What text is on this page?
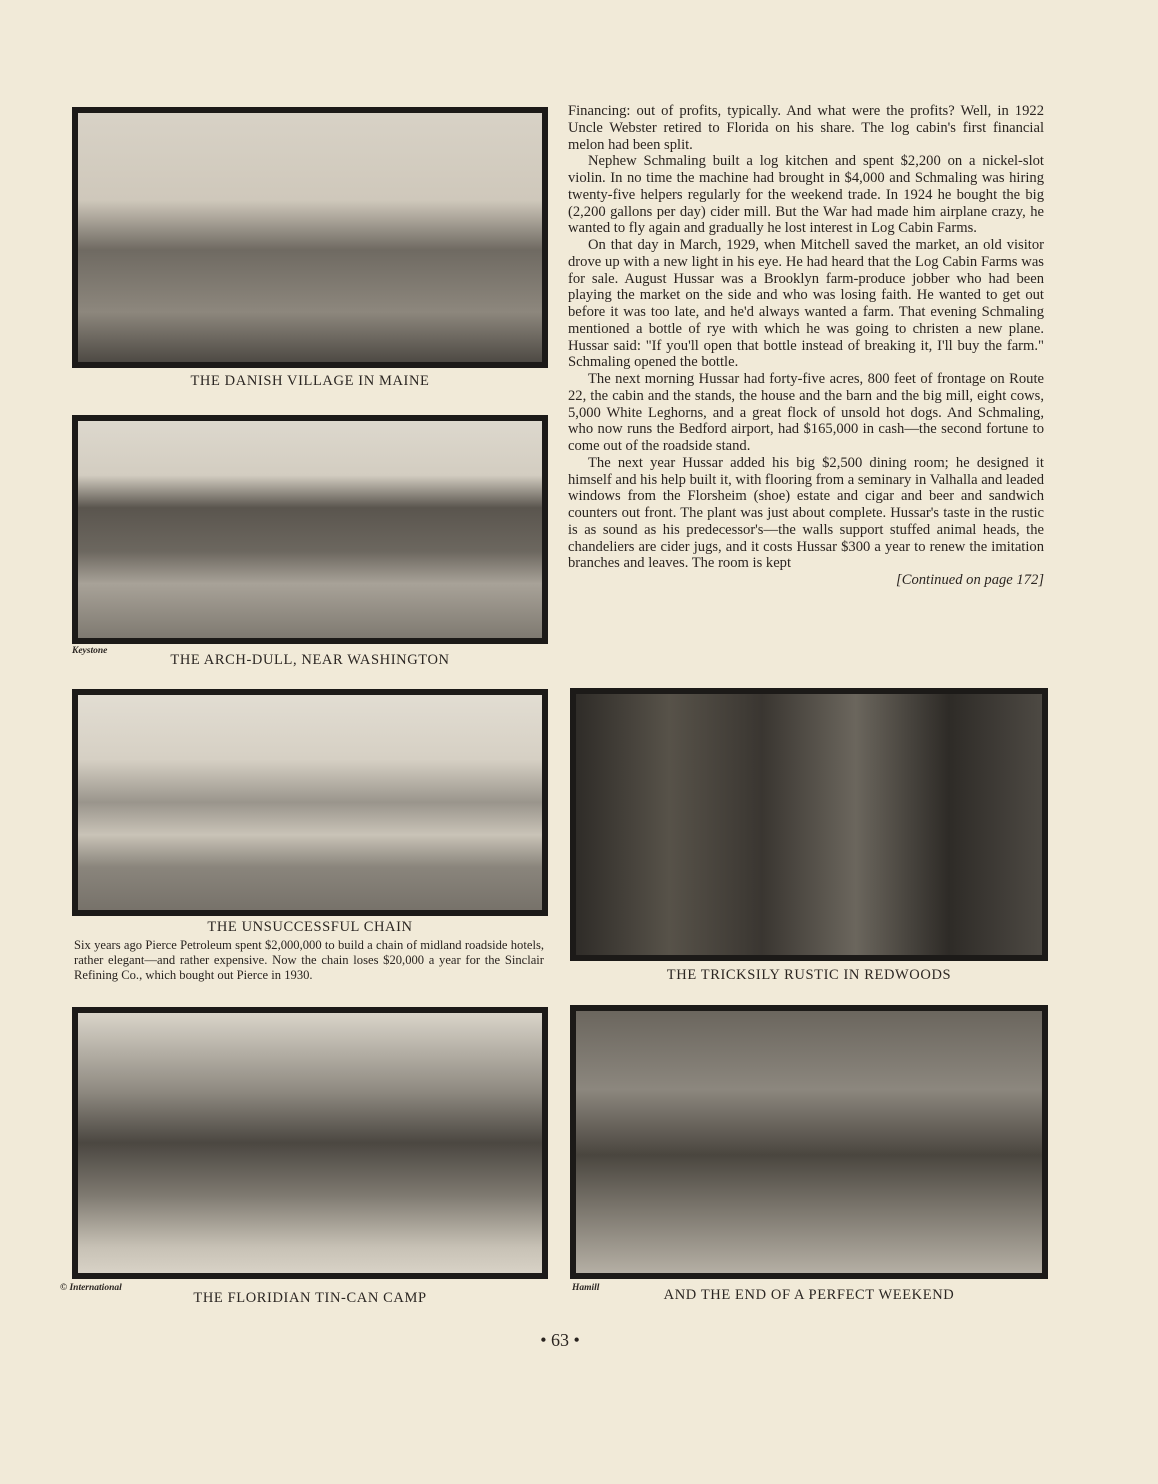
THE DANISH VILLAGE IN MAINE
Keystone
THE ARCH-DULL, NEAR WASHINGTON
THE UNSUCCESSFUL CHAIN
Six years ago Pierce Petroleum spent $2,000,000 to build a chain of midland roadside hotels, rather elegant—and rather expensive. Now the chain loses $20,000 a year for the Sinclair Refining Co., which bought out Pierce in 1930.	THE TRICKSILY RUSTIC IN REDWOODS
© International
THE FLORIDIAN TIN-CAN CAMP
Hamill	AND THE END OF A PERFECT WEEKEND

Financing: out of profits, typically. And what were the profits? Well, in 1922 Uncle Webster retired to Florida on his share. The log cabin's first financial melon had been split.

Nephew Schmaling built a log kitchen and spent $2,200 on a nickel-slot violin. In no time the machine had brought in $4,000 and Schmaling was hiring twenty-five helpers regularly for the weekend trade. In 1924 he bought the big (2,200 gallons per day) cider mill. But the War had made him airplane crazy, he wanted to fly again and gradually he lost interest in Log Cabin Farms.

On that day in March, 1929, when Mitchell saved the market, an old visitor drove up with a new light in his eye. He had heard that the Log Cabin Farms was for sale. August Hussar was a Brooklyn farm-produce jobber who had been playing the market on the side and who was losing faith. He wanted to get out before it was too late, and he'd always wanted a farm. That evening Schmaling mentioned a bottle of rye with which he was going to christen a new plane. Hussar said: "If you'll open that bottle instead of breaking it, I'll buy the farm." Schmaling opened the bottle.

The next morning Hussar had forty-five acres, 800 feet of frontage on Route 22, the cabin and the stands, the house and the barn and the big mill, eight cows, 5,000 White Leghorns, and a great flock of unsold hot dogs. And Schmaling, who now runs the Bedford airport, had $165,000 in cash—the second fortune to come out of the roadside stand.

The next year Hussar added his big $2,500 dining room; he designed it himself and his help built it, with flooring from a seminary in Valhalla and leaded windows from the Florsheim (shoe) estate and cigar and beer and sandwich counters out front. The plant was just about complete. Hussar's taste in the rustic is as sound as his predecessor's—the walls support stuffed animal heads, the chandeliers are cider jugs, and it costs Hussar $300 a year to renew the imitation branches and leaves. The room is kept

[Continued on page 172]
• 63 •
